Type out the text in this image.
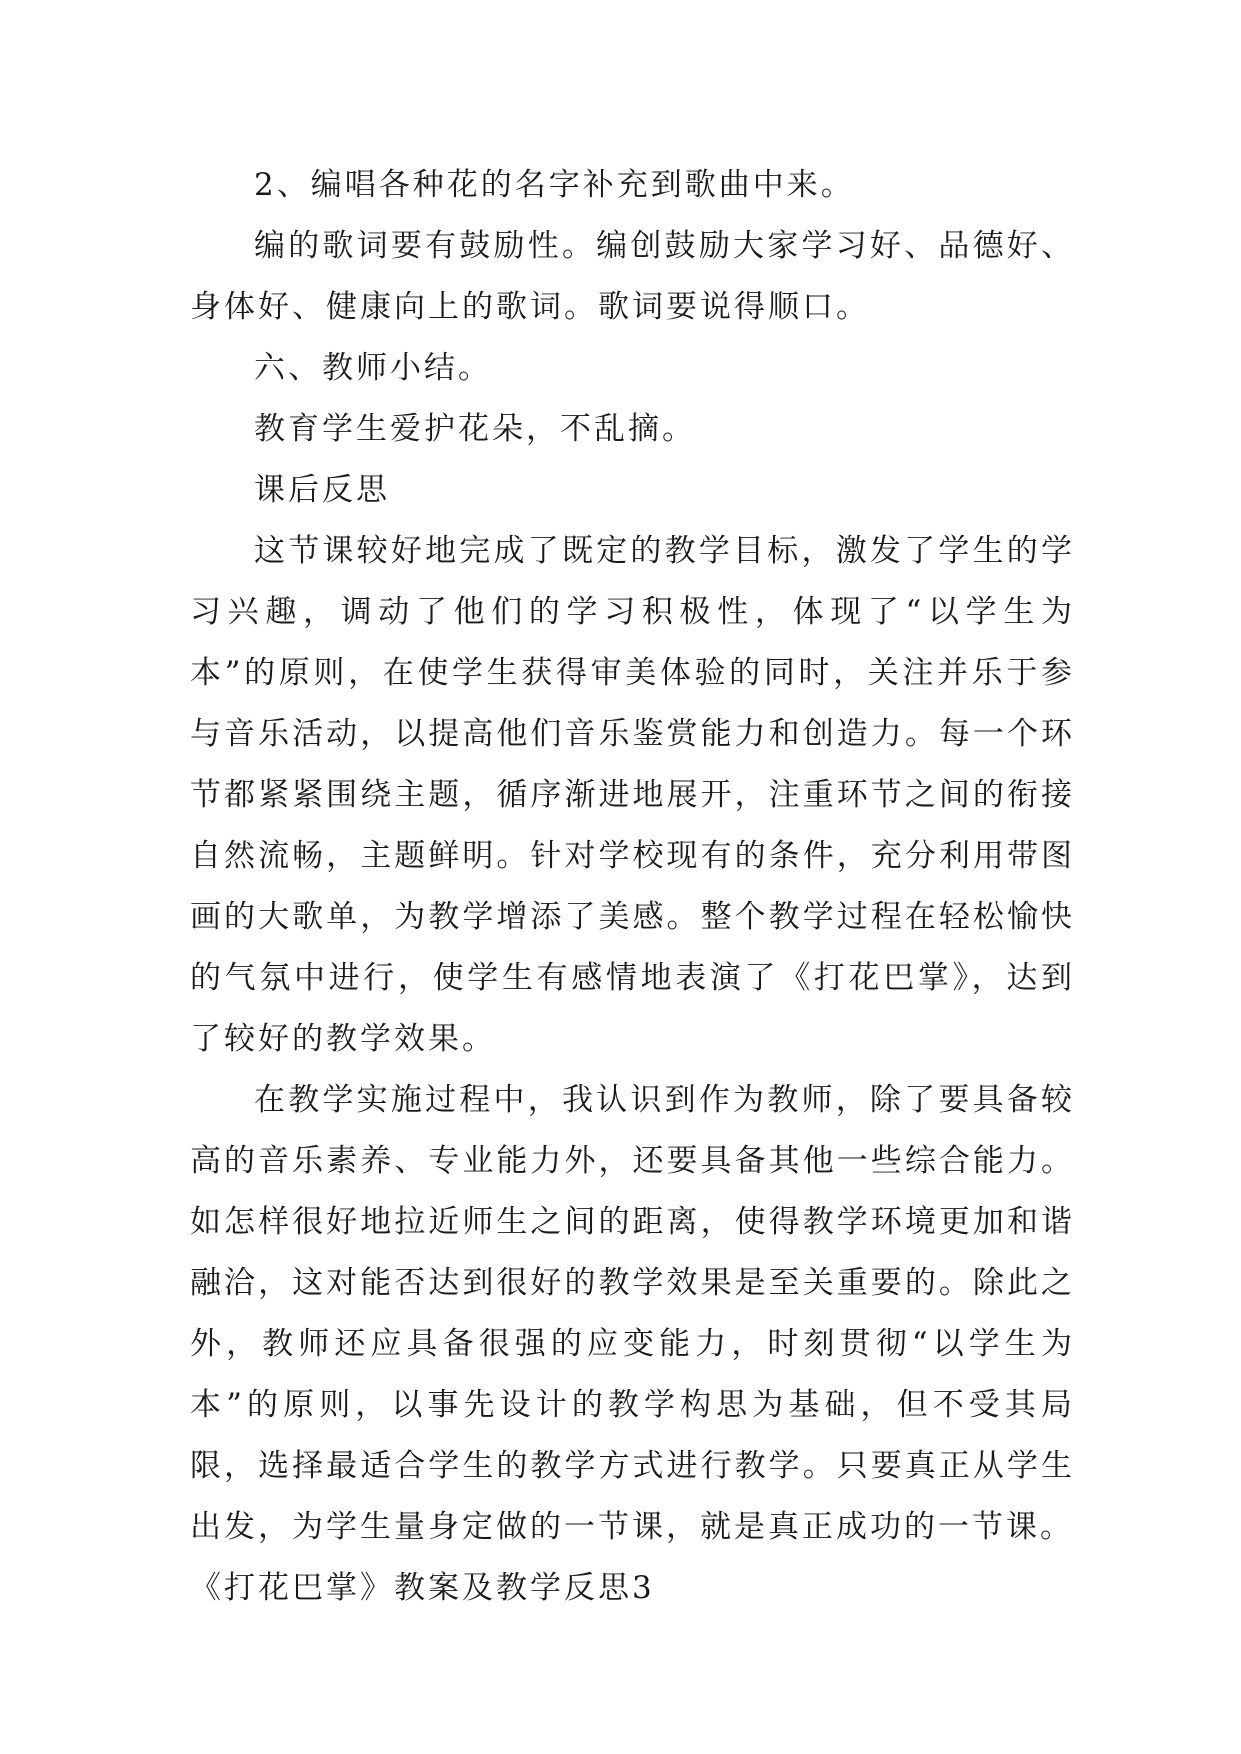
2、编唱各种花的名字补充到歌曲中来。

编的歌词要有鼓励性。编创鼓励大家学习好、品德好、身体好、健康向上的歌词。歌词要说得顺口。

六、教师小结。

教育学生爱护花朵，不乱摘。

课后反思

这节课较好地完成了既定的教学目标，激发了学生的学习兴趣，调动了他们的学习积极性，体现了“以学生为本”的原则，在使学生获得审美体验的同时，关注并乐于参与音乐活动，以提高他们音乐鉴赏能力和创造力。每一个环节都紧紧围绕主题，循序渐进地展开，注重环节之间的衔接自然流畅，主题鲜明。针对学校现有的条件，充分利用带图画的大歌单，为教学增添了美感。整个教学过程在轻松愉快的气氛中进行，使学生有感情地表演了《打花巴掌》，达到了较好的教学效果。

在教学实施过程中，我认识到作为教师，除了要具备较高的音乐素养、专业能力外，还要具备其他一些综合能力。如怎样很好地拉近师生之间的距离，使得教学环境更加和谐融洽，这对能否达到很好的教学效果是至关重要的。除此之外，教师还应具备很强的应变能力，时刻贯彻“以学生为本”的原则，以事先设计的教学构思为基础，但不受其局限，选择最适合学生的教学方式进行教学。只要真正从学生出发，为学生量身定做的一节课，就是真正成功的一节课。

《打花巴掌》教案及教学反思3
